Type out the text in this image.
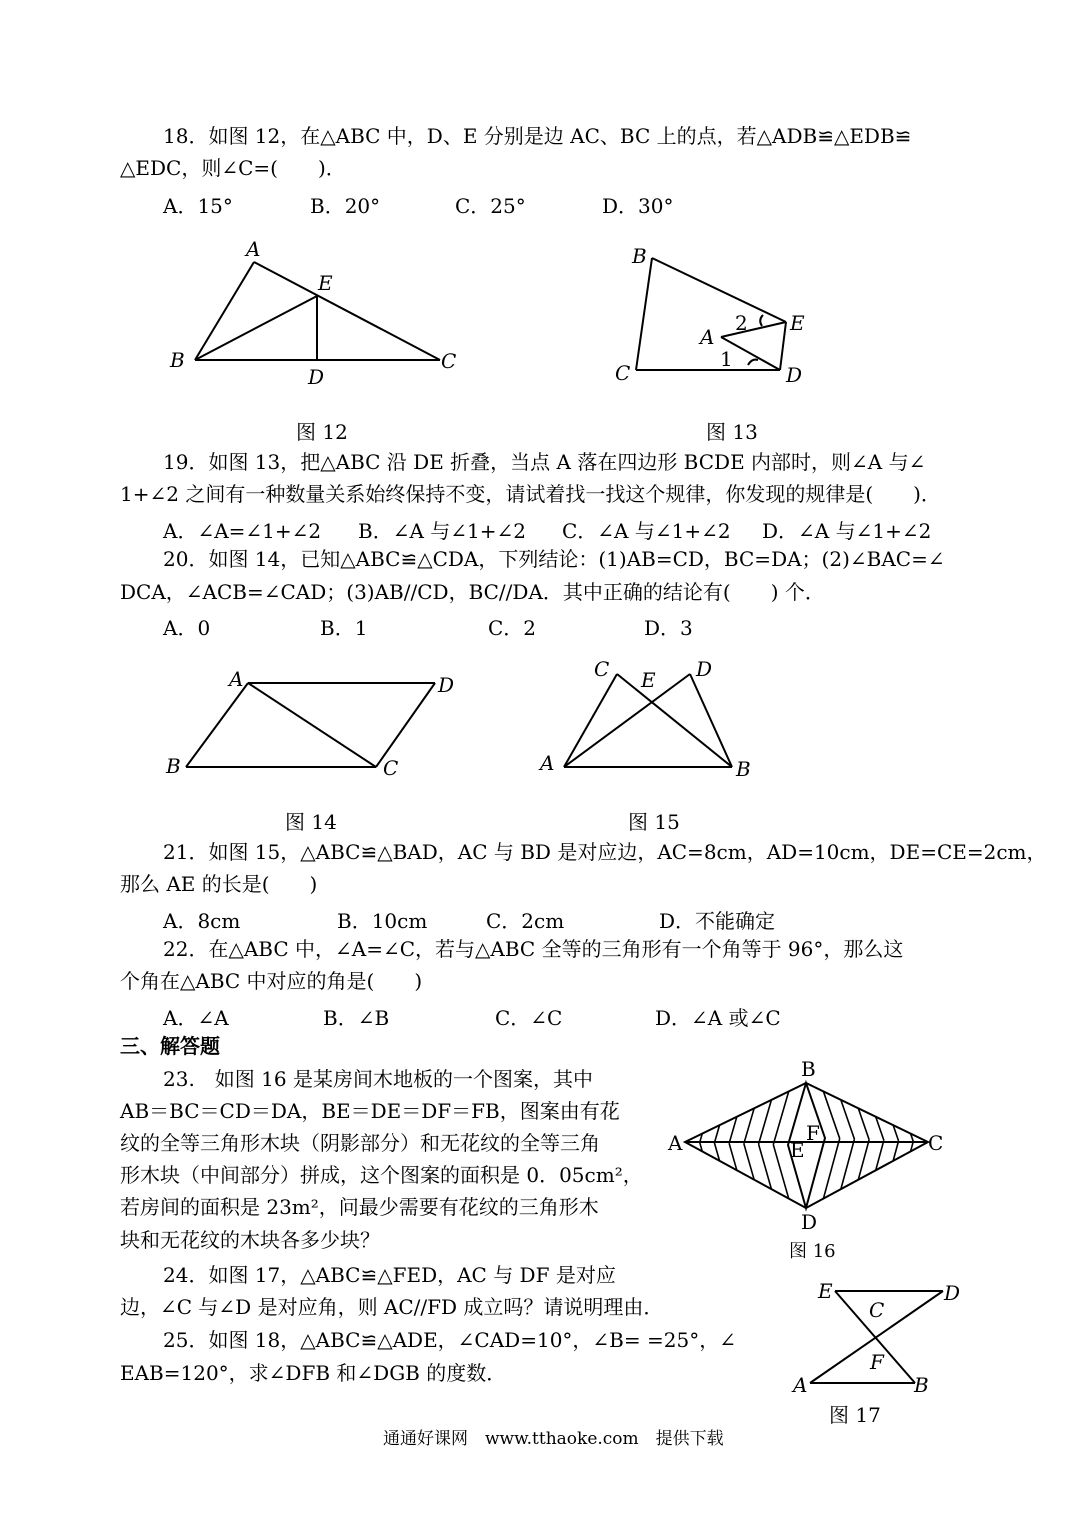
18．如图 12，在△ABC 中，D、E 分别是边 AC、BC 上的点，若△ADB≌△EDB≌
△EDC，则∠C=(　　)．
A．15°	B．20°	C．25°	D．30°
A
B	C
D
E
图 12
B
C	D
E
A
2
1
图 13
19．如图 13，把△ABC 沿 DE 折叠，当点 A 落在四边形 BCDE 内部时，则∠A 与∠
1+∠2 之间有一种数量关系始终保持不变，请试着找一找这个规律，你发现的规律是(　　)．
A．∠A=∠1+∠2 B．∠A 与∠1+∠2 C．∠A 与∠1+∠2 D．∠A 与∠1+∠2
20．如图 14，已知△ABC≌△CDA，下列结论：(1)AB=CD，BC=DA；(2)∠BAC=∠
DCA，∠ACB=∠CAD；(3)AB//CD，BC//DA．其中正确的结论有(　　) 个．
A．0	B．1	C．2	D．3
A	D
B	C
图 14
C E D
A	B
图 15
21．如图 15，△ABC≌△BAD，AC 与 BD 是对应边，AC=8cm，AD=10cm，DE=CE=2cm，
那么 AE 的长是(　　)
A．8cm	B．10cm	C．2cm	D．不能确定
22．在△ABC 中，∠A=∠C，若与△ABC 全等的三角形有一个角等于 96°，那么这
个角在△ABC 中对应的角是(　　)
A．∠A	B．∠B	C．∠C	D．∠A 或∠C
三、解答题
23.　如图 16 是某房间木地板的一个图案，其中
AB＝BC＝CD＝DA，BE＝DE＝DF＝FB，图案由有花
纹的全等三角形木块（阴影部分）和无花纹的全等三角
形木块（中间部分）拼成，这个图案的面积是 0．05cm²，
若房间的面积是 23m²，问最少需要有花纹的三角形木
块和无花纹的木块各多少块？
A
B
C
D
E
F
图 16
24．如图 17，△ABC≌△FED，AC 与 DF 是对应
边，∠C 与∠D 是对应角，则 AC//FD 成立吗？请说明理由．
E	D
C
F
A	B
图 17
25．如图 18，△ABC≌△ADE，∠CAD=10°，∠B= =25°，∠
EAB=120°，求∠DFB 和∠DGB 的度数．
通通好课网　www.tthaoke.com　提供下载
